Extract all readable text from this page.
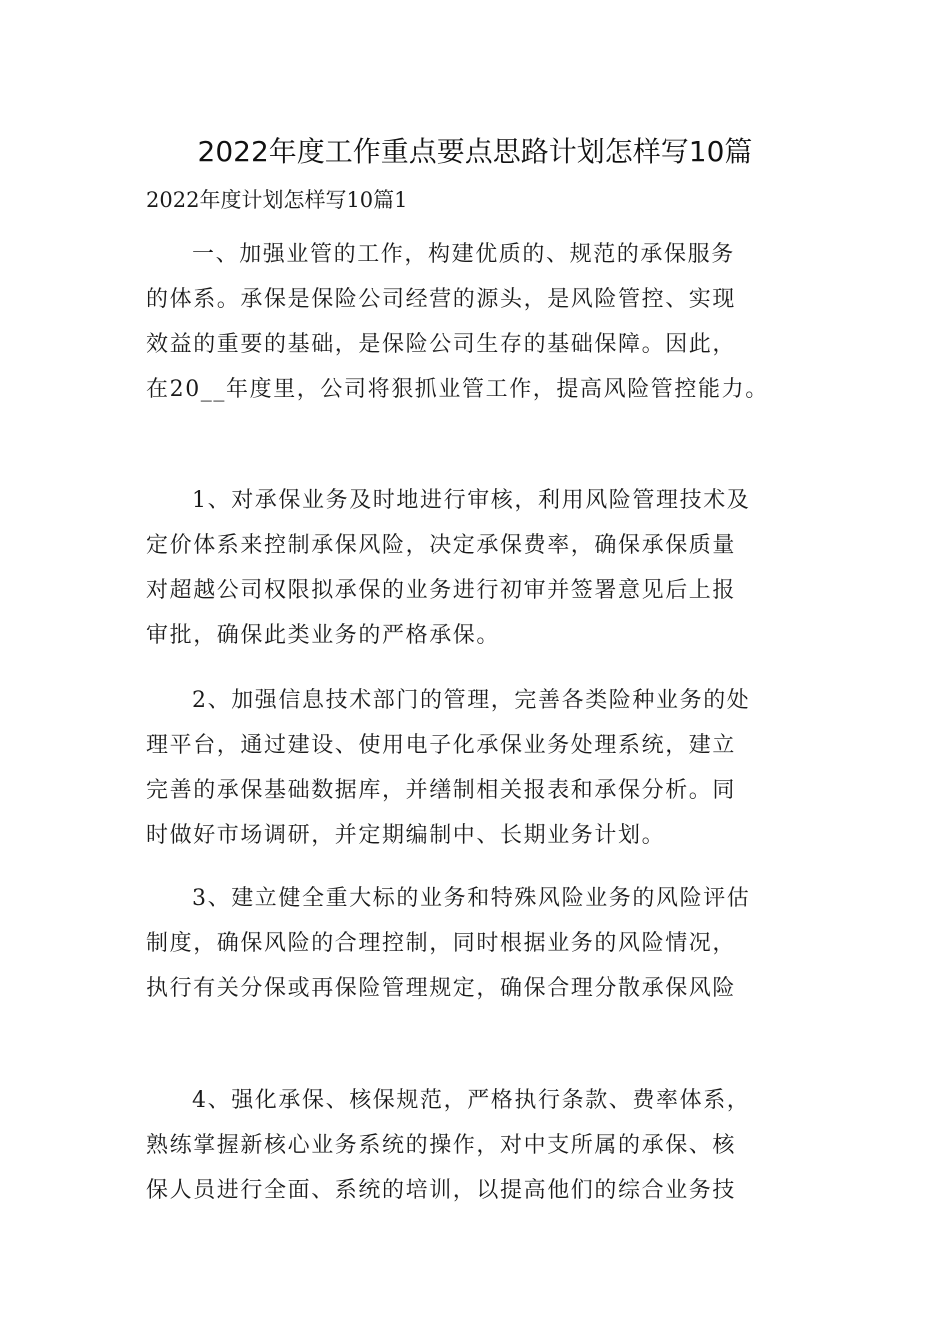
2022年度工作重点要点思路计划怎样写10篇

2022年度计划怎样写10篇1

一、加强业管的工作，构建优质的、规范的承保服务
的体系。承保是保险公司经营的源头，是风险管控、实现
效益的重要的基础，是保险公司生存的基础保障。因此，
在20__年度里，公司将狠抓业管工作，提高风险管控能力。
1、对承保业务及时地进行审核，利用风险管理技术及
定价体系来控制承保风险，决定承保费率，确保承保质量
对超越公司权限拟承保的业务进行初审并签署意见后上报
审批，确保此类业务的严格承保。
2、加强信息技术部门的管理，完善各类险种业务的处
理平台，通过建设、使用电子化承保业务处理系统，建立
完善的承保基础数据库，并缮制相关报表和承保分析。同
时做好市场调研，并定期编制中、长期业务计划。
3、建立健全重大标的业务和特殊风险业务的风险评估
制度，确保风险的合理控制，同时根据业务的风险情况，
执行有关分保或再保险管理规定，确保合理分散承保风险
4、强化承保、核保规范，严格执行条款、费率体系，
熟练掌握新核心业务系统的操作，对中支所属的承保、核
保人员进行全面、系统的培训，以提高他们的综合业务技
